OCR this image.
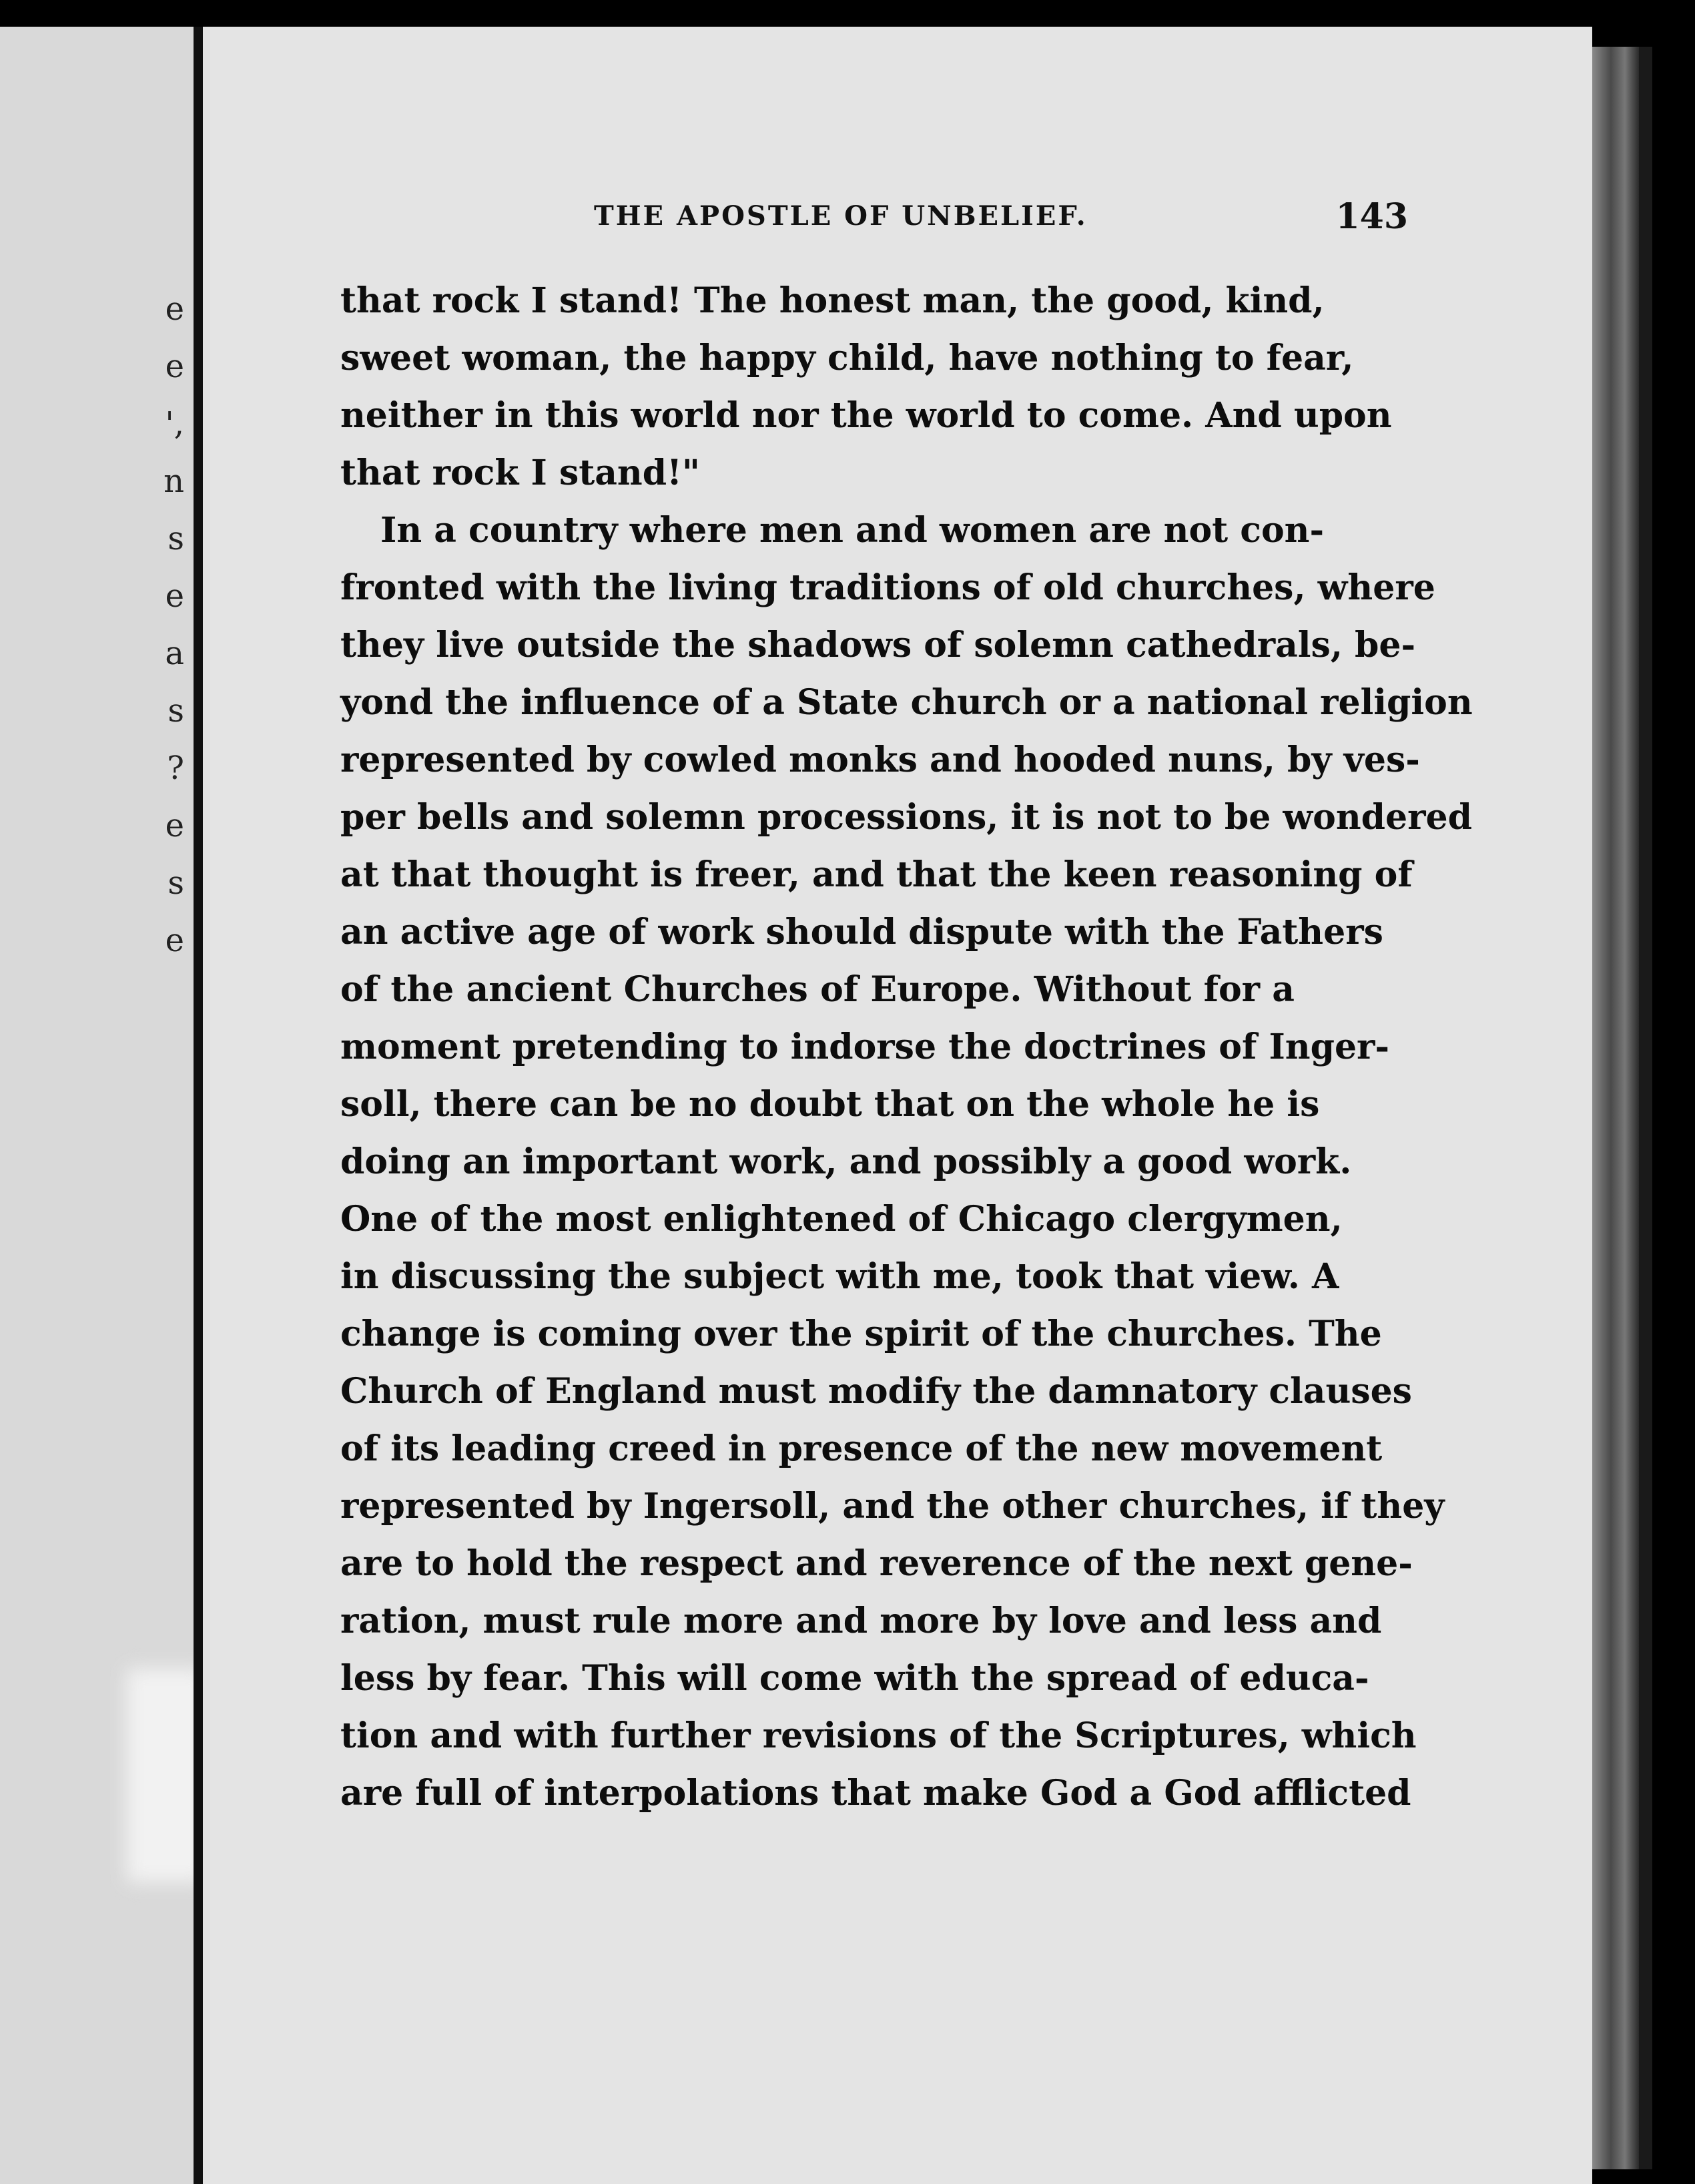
e
e
',
n
s
e
a
s
?
e
s
e
THE APOSTLE OF UNBELIEF.	143
that rock I stand! The honest man, the good, kind,
sweet woman, the happy child, have nothing to fear,
neither in this world nor the world to come. And upon
that rock I stand!"
In a country where men and women are not con-
fronted with the living traditions of old churches, where
they live outside the shadows of solemn cathedrals, be-
yond the influence of a State church or a national religion
represented by cowled monks and hooded nuns, by ves-
per bells and solemn processions, it is not to be wondered
at that thought is freer, and that the keen reasoning of
an active age of work should dispute with the Fathers
of the ancient Churches of Europe. Without for a
moment pretending to indorse the doctrines of Inger-
soll, there can be no doubt that on the whole he is
doing an important work, and possibly a good work.
One of the most enlightened of Chicago clergymen,
in discussing the subject with me, took that view. A
change is coming over the spirit of the churches. The
Church of England must modify the damnatory clauses
of its leading creed in presence of the new movement
represented by Ingersoll, and the other churches, if they
are to hold the respect and reverence of the next gene-
ration, must rule more and more by love and less and
less by fear. This will come with the spread of educa-
tion and with further revisions of the Scriptures, which
are full of interpolations that make God a God afflicted
